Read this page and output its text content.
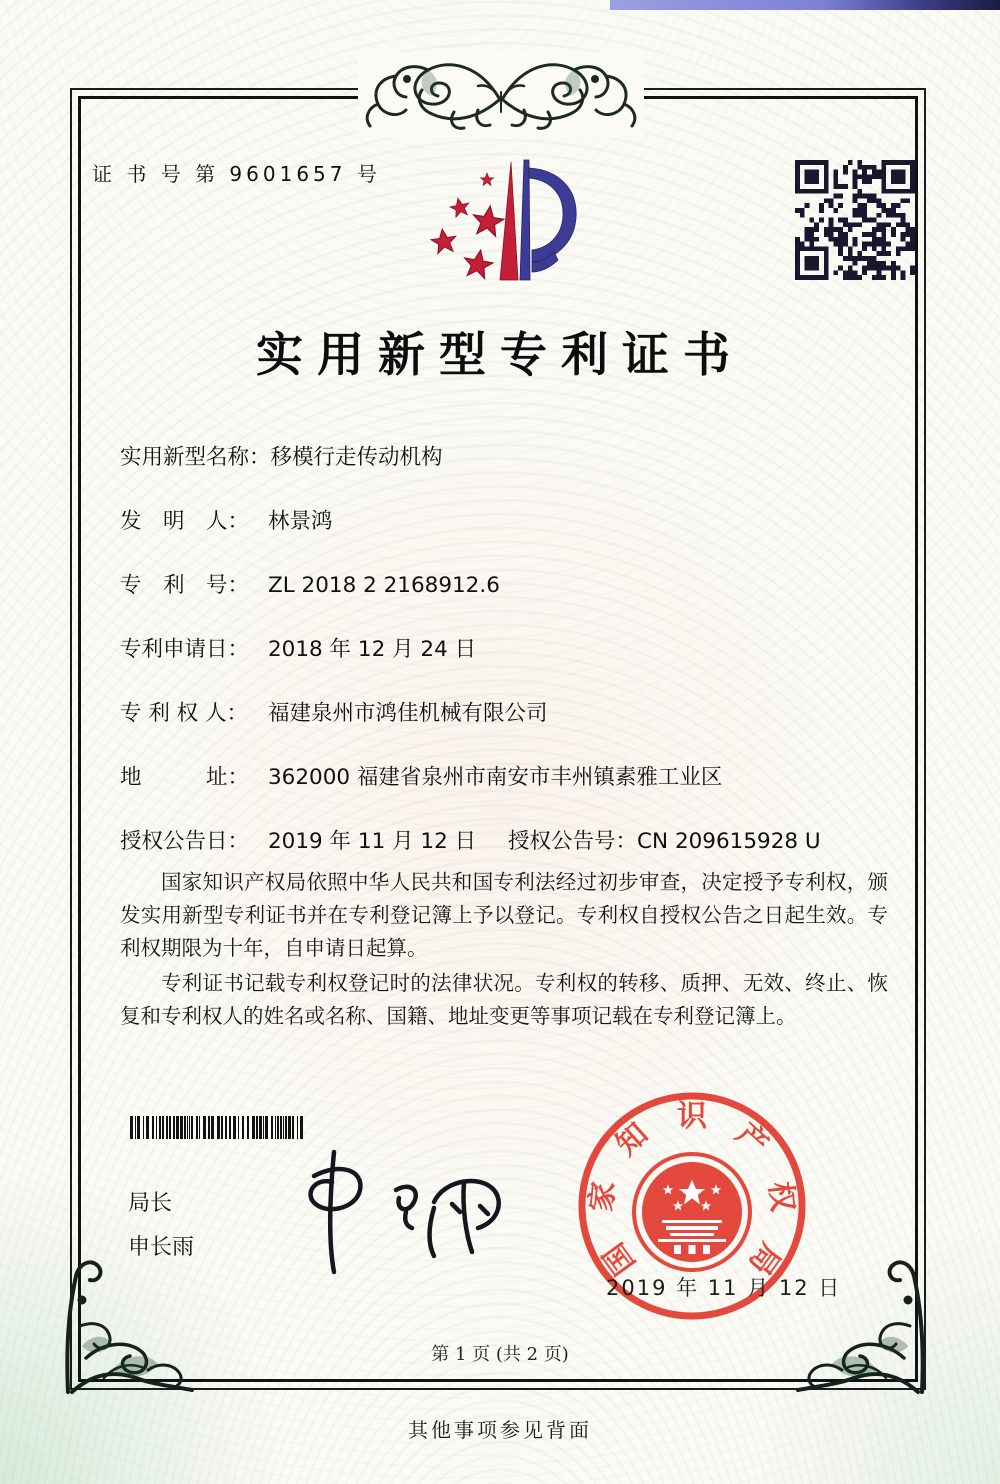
证 书 号 第 9601657 号
实用新型专利证书
实用新型名称：移模行走传动机构
发　明　人： 林景鸿
专　利　号： ZL 2018 2 2168912.6
专利申请日： 2018 年 12 月 24 日
专 利 权 人： 福建泉州市鸿佳机械有限公司
地　　　址： 362000 福建省泉州市南安市丰州镇素雅工业区
授权公告日： 2019 年 11 月 12 日 授权公告号：CN 209615928 U

国家知识产权局依照中华人民共和国专利法经过初步审查，决定授予专利权，颁发实用新型专利证书并在专利登记簿上予以登记。专利权自授权公告之日起生效。专利权期限为十年，自申请日起算。

专利证书记载专利权登记时的法律状况。专利权的转移、质押、无效、终止、恢复和专利权人的姓名或名称、国籍、地址变更等事项记载在专利登记簿上。

局长
申长雨	国
家
知 识 产
权
局
2019 年 11 月 12 日
第 1 页 (共 2 页)
其他事项参见背面
